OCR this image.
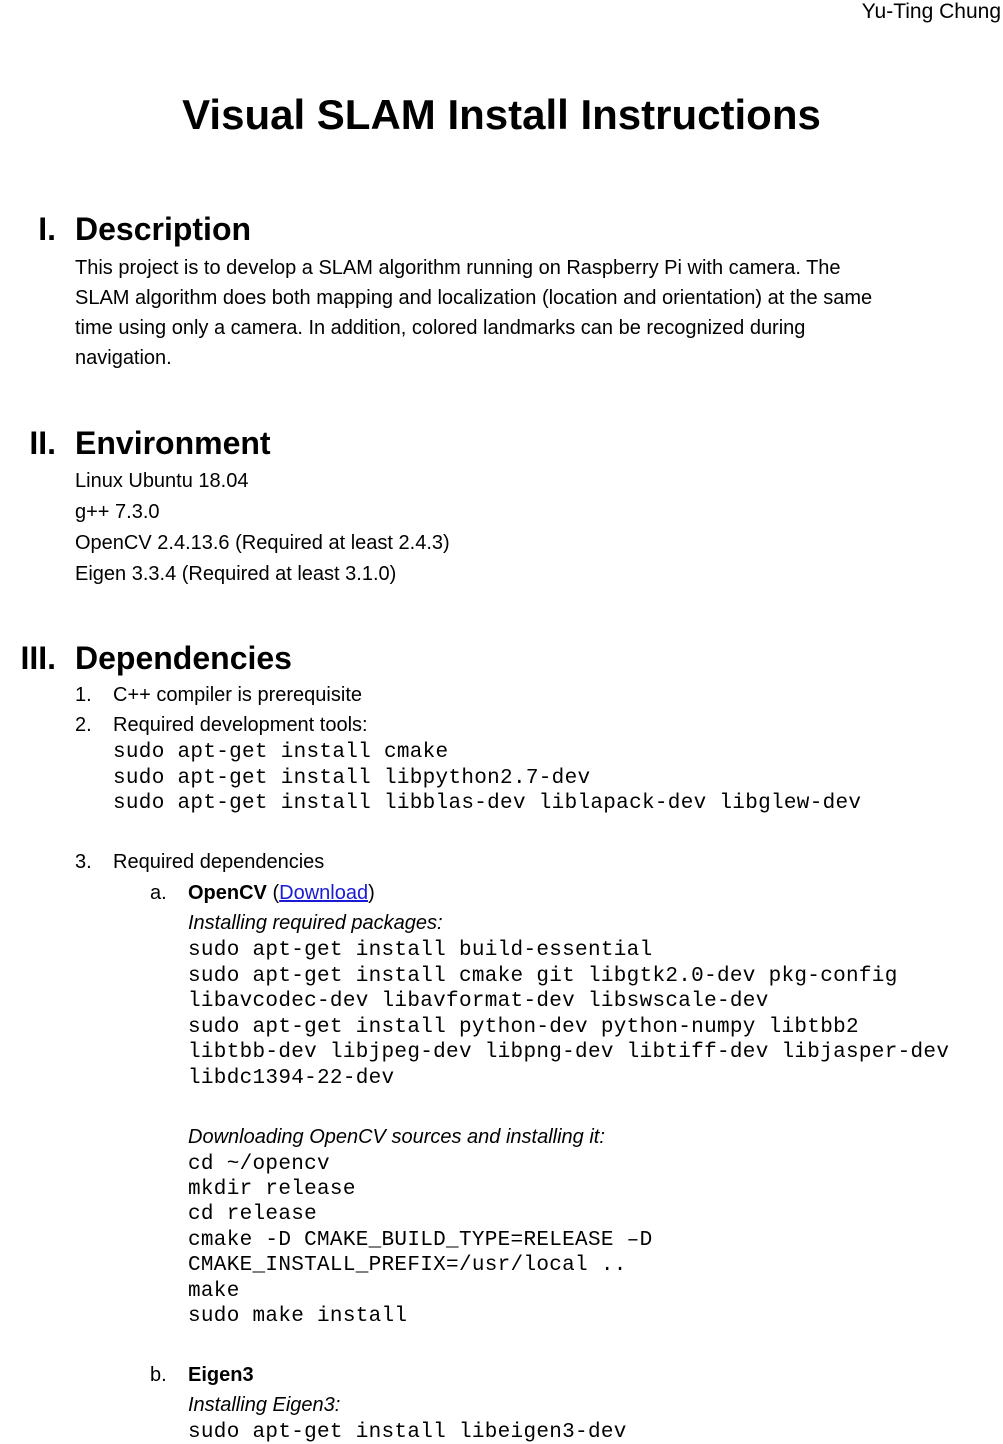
Yu-Ting Chung
Visual SLAM Install Instructions
I. Description
This project is to develop a SLAM algorithm running on Raspberry Pi with camera. The
SLAM algorithm does both mapping and localization (location and orientation) at the same
time using only a camera. In addition, colored landmarks can be recognized during
navigation.
II. Environment
Linux Ubuntu 18.04
g++ 7.3.0
OpenCV 2.4.13.6 (Required at least 2.4.3)
Eigen 3.3.4 (Required at least 3.1.0)
III. Dependencies
1. C++ compiler is prerequisite
2. Required development tools:
sudo apt-get install cmake
sudo apt-get install libpython2.7-dev
sudo apt-get install libblas-dev liblapack-dev libglew-dev
3. Required dependencies
a. OpenCV (Download)
Installing required packages:
sudo apt-get install build-essential
sudo apt-get install cmake git libgtk2.0-dev pkg-config
libavcodec-dev libavformat-dev libswscale-dev
sudo apt-get install python-dev python-numpy libtbb2
libtbb-dev libjpeg-dev libpng-dev libtiff-dev libjasper-dev
libdc1394-22-dev
Downloading OpenCV sources and installing it:
cd ~/opencv
mkdir release
cd release
cmake -D CMAKE_BUILD_TYPE=RELEASE –D
CMAKE_INSTALL_PREFIX=/usr/local ..
make
sudo make install
b. Eigen3
Installing Eigen3:
sudo apt-get install libeigen3-dev
